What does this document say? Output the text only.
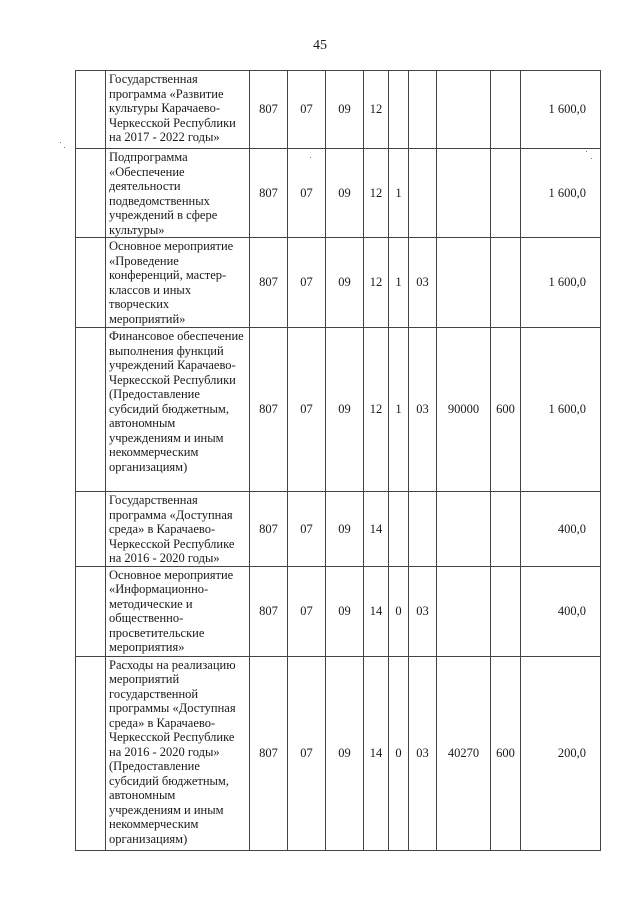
45
	Государственная программа «Развитие культуры Карачаево-Черкесской Республики на 2017 - 2022 годы»	807	07	09	12					1 600,0
	Подпрограмма «Обеспечение деятельности подведомственных учреждений в сфере культуры»	807	07	09	12	1				1 600,0
	Основное мероприятие «Проведение конференций, мастер-классов и иных творческих мероприятий»	807	07	09	12	1	03			1 600,0
	Финансовое обеспечение выполнения функций учреждений Карачаево-Черкесской Республики (Предоставление субсидий бюджетным, автономным учреждениям и иным некоммерческим организациям)	807	07	09	12	1	03	90000	600	1 600,0
	Государственная программа «Доступная среда» в Карачаево-Черкесской Республике на 2016 - 2020 годы»	807	07	09	14					400,0
	Основное мероприятие «Информационно-методические и общественно-просветительские мероприятия»	807	07	09	14	0	03			400,0
	Расходы на реализацию мероприятий государственной программы «Доступная среда» в Карачаево-Черкесской Республике на 2016 - 2020 годы» (Предоставление субсидий бюджетным, автономным учреждениям и иным некоммерческим организациям)	807	07	09	14	0	03	40270	600	200,0
